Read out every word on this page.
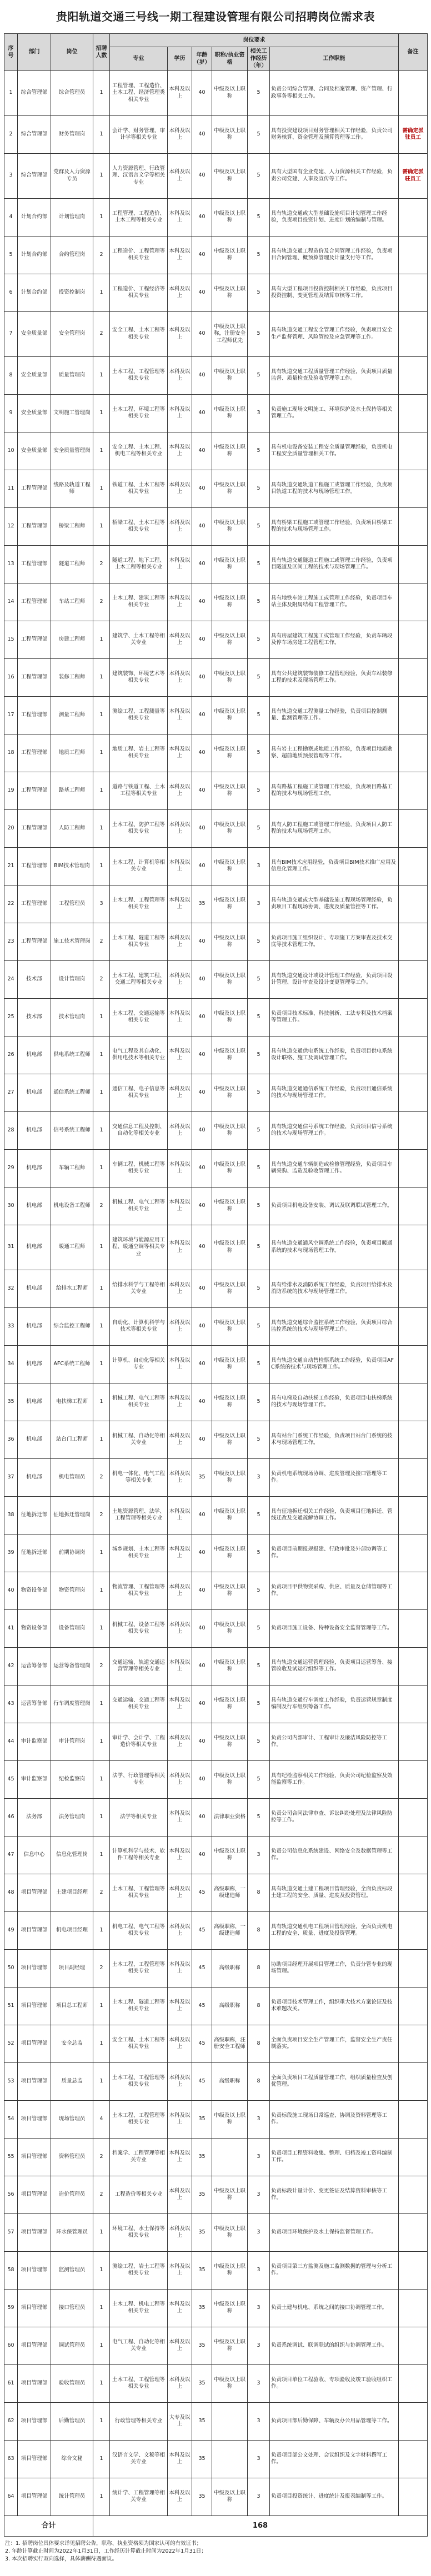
贵阳轨道交通三号线一期工程建设管理有限公司招聘岗位需求表
序号	部门	岗位	招聘人数	岗位要求						备注
				专业	学历	年龄（岁）	职称/执业资格	相关工作经历（年）	工作职能	
1	综合管理部	综合管理员	1	工程管理、工程造价、土木工程、经济管理类相关专业	本科及以上	40	中级及以上职称	5	负责公司综合管理、合同及档案管理、资产管理、行政事务等相关工作。	
2	综合管理部	财务管理岗	1	会计学、财务管理、审计学等相关专业	本科及以上	40	中级及以上职称	5	具有投资建设项目财务管理相关工作经验，负责公司财务核算、资金管理及预算管理等工作。	需确定派驻员工
3	综合管理部	党群及人力资源专员	1	人力资源管理、行政管理、汉语言文学等相关专业	本科及以上	40	中级及以上职称	5	具有大型国有企业党建、人力资源相关工作经验，负责公司党建、人事及宣传等工作。	需确定派驻员工
4	计划合约部	计划管理岗	1	工程管理、工程造价、土木工程等相关专业	本科及以上	40	中级及以上职称	5	具有轨道交通或大型基础设施项目计划管理工作经验，负责项目投资计划、进度计划的编制与管理。	
5	计划合约部	合约管理岗	2	工程造价、工程管理等相关专业	本科及以上	40	中级及以上职称	5	具有轨道交通工程造价及合同管理工作经验，负责项目合同管理、概预算管理及计量支付等工作。	
6	计划合约部	投资控制岗	1	工程造价、工程经济等相关专业	本科及以上	40	中级及以上职称	5	具有大型工程项目投资控制相关工作经验，负责项目投资控制、变更管理及结算审核等工作。	
7	安全质量部	安全管理岗	2	安全工程、土木工程等相关专业	本科及以上	40	中级及以上职称，注册安全工程师优先	5	具有轨道交通工程安全管理工作经验，负责项目安全生产监督管理、风险管控及应急管理等工作。	
8	安全质量部	质量管理岗	1	土木工程、工程管理等相关专业	本科及以上	40	中级及以上职称	5	具有轨道交通工程质量管理工作经验，负责项目质量监督、质量检查及验收管理等工作。	
9	安全质量部	文明施工管理岗	1	土木工程、环境工程等相关专业	本科及以上	40	中级及以上职称	3	负责施工现场文明施工、环境保护及水土保持等相关管理工作。	
10	安全质量部	安全质量管理岗	1	安全工程、土木工程、机电工程等相关专业	本科及以上	40	中级及以上职称	5	具有机电设备安装工程安全质量管理经验，负责机电工程安全质量管理相关工作。	
11	工程管理部	线路及轨道工程师	1	铁道工程、土木工程等相关专业	本科及以上	40	中级及以上职称	5	具有轨道交通轨道工程施工或管理工作经验，负责项目轨道工程的技术与现场管理工作。	
12	工程管理部	桥梁工程师	1	桥梁工程、土木工程等相关专业	本科及以上	40	中级及以上职称	5	具有桥梁工程施工或管理工作经验，负责项目桥梁工程的技术与现场管理工作。	
13	工程管理部	隧道工程师	2	隧道工程、地下工程、土木工程等相关专业	本科及以上	40	中级及以上职称	5	具有轨道交通隧道工程施工或管理工作经验，负责项目隧道及区间工程的技术与现场管理工作。	
14	工程管理部	车站工程师	2	土木工程、建筑工程等相关专业	本科及以上	40	中级及以上职称	5	具有地铁车站工程施工或管理工作经验，负责项目车站主体及附属结构工程管理工作。	
15	工程管理部	房建工程师	1	建筑学、土木工程等相关专业	本科及以上	40	中级及以上职称	5	具有房屋建筑工程施工或管理工作经验，负责车辆段及停车场房建工程管理工作。	
16	工程管理部	装修工程师	1	建筑装饰、环境艺术等相关专业	本科及以上	40	中级及以上职称	5	具有公共建筑装饰装修工程管理经验，负责车站装修工程的技术及现场管理工作。	
17	工程管理部	测量工程师	1	测绘工程、工程测量等相关专业	本科及以上	40	中级及以上职称	5	具有轨道交通工程测量工作经验，负责项目控制测量、监测管理等工作。	
18	工程管理部	地质工程师	1	地质工程、岩土工程等相关专业	本科及以上	40	中级及以上职称	5	具有岩土工程勘察或地质工作经验，负责项目地质勘察、超前地质预报管理等工作。	
19	工程管理部	路基工程师	1	道路与铁道工程、土木工程等相关专业	本科及以上	40	中级及以上职称	5	具有路基工程施工或管理工作经验，负责项目路基工程的技术与现场管理工作。	
20	工程管理部	人防工程师	1	土木工程、防护工程等相关专业	本科及以上	40	中级及以上职称	5	具有人防工程施工或管理工作经验，负责项目人防工程的技术与现场管理工作。	
21	工程管理部	BIM技术管理岗	1	土木工程、计算机等相关专业	本科及以上	40	中级及以上职称	3	具有BIM技术应用经验，负责项目BIM技术推广应用及信息化管理工作。	
22	工程管理部	工程管理员	3	土木工程、工程管理等相关专业	本科及以上	35	中级及以上职称	3	具有轨道交通或大型基础设施工程现场管理经验，负责项目工程现场协调、进度及质量管控等工作。	
23	工程管理部	施工技术管理岗	2	土木工程、隧道工程等相关专业	本科及以上	40	中级及以上职称	5	负责项目施工组织设计、专项施工方案审查及技术交底等技术管理工作。	
24	技术部	设计管理岗	2	土木工程、建筑工程、交通工程等相关专业	本科及以上	40	中级及以上职称	5	具有轨道交通设计或设计管理工作经验，负责项目设计管理、设计审查及设计变更管理等工作。	
25	技术部	技术管理岗	1	土木工程、交通运输等相关专业	本科及以上	40	中级及以上职称	5	负责项目技术标准、科技创新、工法专利及技术档案等管理工作。	
26	机电部	供电系统工程师	1	电气工程及其自动化、供用电技术等相关专业	本科及以上	40	中级及以上职称	5	具有轨道交通供电系统工作经验，负责项目供电系统设计联络、施工及调试管理工作。	
27	机电部	通信系统工程师	1	通信工程、电子信息等相关专业	本科及以上	40	中级及以上职称	5	具有轨道交通通信系统工作经验，负责项目通信系统的技术与现场管理工作。	
28	机电部	信号系统工程师	1	交通信息工程及控制、自动化等相关专业	本科及以上	40	中级及以上职称	5	具有轨道交通信号系统工作经验，负责项目信号系统的技术与现场管理工作。	
29	机电部	车辆工程师	1	车辆工程、机械工程等相关专业	本科及以上	40	中级及以上职称	5	具有轨道交通车辆制造或检修管理经验，负责项目车辆采购、监造及验收管理工作。	
30	机电部	机电设备工程师	2	机械工程、电气工程等相关专业	本科及以上	40	中级及以上职称	5	负责项目机电设备安装、调试及联调联试管理工作。	
31	机电部	暖通工程师	1	建筑环境与能源应用工程、暖通空调等相关专业	本科及以上	40	中级及以上职称	5	具有轨道交通通风空调系统工作经验，负责项目暖通系统的技术与现场管理工作。	
32	机电部	给排水工程师	1	给排水科学与工程等相关专业	本科及以上	40	中级及以上职称	5	具有给排水及消防系统工作经验，负责项目给排水及消防系统的技术与现场管理工作。	
33	机电部	综合监控工程师	1	自动化、计算机科学与技术等相关专业	本科及以上	40	中级及以上职称	5	具有轨道交通综合监控系统工作经验，负责项目综合监控系统的技术与现场管理工作。	
34	机电部	AFC系统工程师	1	计算机、自动化等相关专业	本科及以上	40	中级及以上职称	5	具有轨道交通自动售检票系统工作经验，负责项目AFC系统的技术与现场管理工作。	
35	机电部	电扶梯工程师	1	机械工程、电气工程等相关专业	本科及以上	40	中级及以上职称	5	具有电梯及自动扶梯工作经验，负责项目电扶梯系统的技术与现场管理工作。	
36	机电部	站台门工程师	1	机械工程、自动化等相关专业	本科及以上	40	中级及以上职称	5	具有站台门系统工作经验，负责项目站台门系统的技术与现场管理工作。	
37	机电部	机电管理员	2	机电一体化、电气工程等相关专业	本科及以上	35	中级及以上职称	3	负责机电系统现场协调、进度管理及接口管理等工作。	
38	征地拆迁部	征地拆迁管理岗	2	土地资源管理、法学、工程管理等相关专业	本科及以上	40	中级及以上职称	5	具有征地拆迁相关工作经验，负责项目征地拆迁、管线迁改及交通疏解协调工作。	
39	征地拆迁部	前期协调岗	1	城乡规划、土木工程等相关专业	本科及以上	40	中级及以上职称	5	负责项目前期报规报建、行政审批及外部协调等工作。	
40	物资设备部	物资管理岗	1	物流管理、工程管理等相关专业	本科及以上	40	中级及以上职称	5	负责项目甲供物资采购、供应、质量及仓储管理等工作。	
41	物资设备部	设备管理岗	1	机械工程、设备工程等相关专业	本科及以上	40	中级及以上职称	5	负责项目施工设备、特种设备安全监督管理等工作。	
42	运营筹备部	运营筹备管理岗	2	交通运输、轨道交通运营管理等相关专业	本科及以上	40	中级及以上职称	5	具有轨道交通运营管理经验，负责项目运营筹备、接管验收及试运行组织等工作。	
43	运营筹备部	行车调度管理岗	1	交通运输、交通工程等相关专业	本科及以上	40	中级及以上职称	5	具有轨道交通行车调度工作经验，负责运营规章制度编制及行车组织筹备工作。	
44	审计监察部	审计管理岗	1	审计学、会计学、工程造价等相关专业	本科及以上	40	中级及以上职称	5	负责公司内部审计、工程审计及廉洁风险防控等工作。	
45	审计监察部	纪检监察岗	1	法学、行政管理等相关专业	本科及以上	40	中级及以上职称	5	具有纪检监察相关工作经验，负责公司纪检监察及效能监察等工作。	
46	法务部	法务管理岗	1	法学等相关专业	本科及以上	40	法律职业资格	5	负责公司合同法律审查、诉讼纠纷处理及法律风险防控等工作。	
47	信息中心	信息化管理岗	1	计算机科学与技术、软件工程等相关专业	本科及以上	40	中级及以上职称	3	负责公司信息化系统建设、网络安全及数据管理等工作。	
48	项目管理部	土建项目经理	2	土木工程、工程管理等相关专业	本科及以上	45	高级职称，一级建造师	8	具有轨道交通土建工程项目管理经验，全面负责标段土建工程的安全、质量、进度及投资管理。	
49	项目管理部	机电项目经理	1	机电工程、电气工程等相关专业	本科及以上	45	高级职称，一级建造师	8	具有轨道交通机电工程项目管理经验，全面负责机电工程的安全、质量、进度及投资管理。	
50	项目管理部	项目副经理	2	土木工程、工程管理等相关专业	本科及以上	45	高级职称	8	协助项目经理开展项目管理工作，负责分管专业的现场管理。	
51	项目管理部	项目总工程师	1	土木工程、隧道工程等相关专业	本科及以上	45	高级职称	8	负责项目技术管理工作，组织重大技术方案论证及技术难题攻关。	
52	项目管理部	安全总监	1	安全工程、土木工程等相关专业	本科及以上	45	高级职称，注册安全工程师	8	全面负责项目安全生产管理工作，监督安全生产责任制落实。	
53	项目管理部	质量总监	1	土木工程、工程管理等相关专业	本科及以上	45	高级职称	8	全面负责项目工程质量管理工作，组织质量检查及创优管理。	
54	项目管理部	现场管理员	4	土木工程、工程管理等相关专业	本科及以上	35	中级及以上职称	3	负责标段施工现场日常巡查、协调及资料管理等工作。	
55	项目管理部	资料管理员	2	档案学、工程管理等相关专业	本科及以上	35		3	负责项目工程资料收集、整理、归档及竣工资料编制工作。	
56	项目管理部	造价管理员	2	工程造价等相关专业	本科及以上	35	中级及以上职称	3	负责标段计量计价、变更签证及结算资料审核等工作。	
57	项目管理部	环水保管理员	1	环境工程、水土保持等相关专业	本科及以上	35	中级及以上职称	3	负责项目环境保护及水土保持监督管理工作。	
58	项目管理部	监测管理员	1	测绘工程、岩土工程等相关专业	本科及以上	35	中级及以上职称	3	负责项目第三方监测及施工监测数据的管理与分析工作。	
59	项目管理部	接口管理员	1	土木工程、机电工程等相关专业	本科及以上	35	中级及以上职称	3	负责土建与机电、系统之间的接口协调管理工作。	
60	项目管理部	调试管理员	1	电气工程、自动化等相关专业	本科及以上	35	中级及以上职称	3	负责系统调试、联调联试的组织与协调管理工作。	
61	项目管理部	验收管理员	1	土木工程、工程管理等相关专业	本科及以上	35	中级及以上职称	3	负责项目单位工程验收、专项验收及竣工验收组织工作。	
62	项目管理部	后勤管理员	1	行政管理等相关专业	大专及以上	35		3	负责项目部后勤保障、车辆及办公用品管理等工作。	
63	项目管理部	综合文秘	1	汉语言文学、文秘等相关专业	本科及以上	35		3	负责项目部公文处理、会议组织及文字材料撰写工作。	
64	项目管理部	统计管理员	1	统计学、工程管理等相关专业	本科及以上	35	中级及以上职称	3	负责项目投资统计、进度统计及报表编制等工作。	
合计			168							

注：1. 招聘岗位具体要求详见招聘公告，职称、执业资格须为国家认可的有效证书；

2. 年龄计算截止时间为2022年1月31日，工作经历计算截止时间为2022年1月31日；

3. 本次招聘实行双向选择，具体薪酬待遇面议。
